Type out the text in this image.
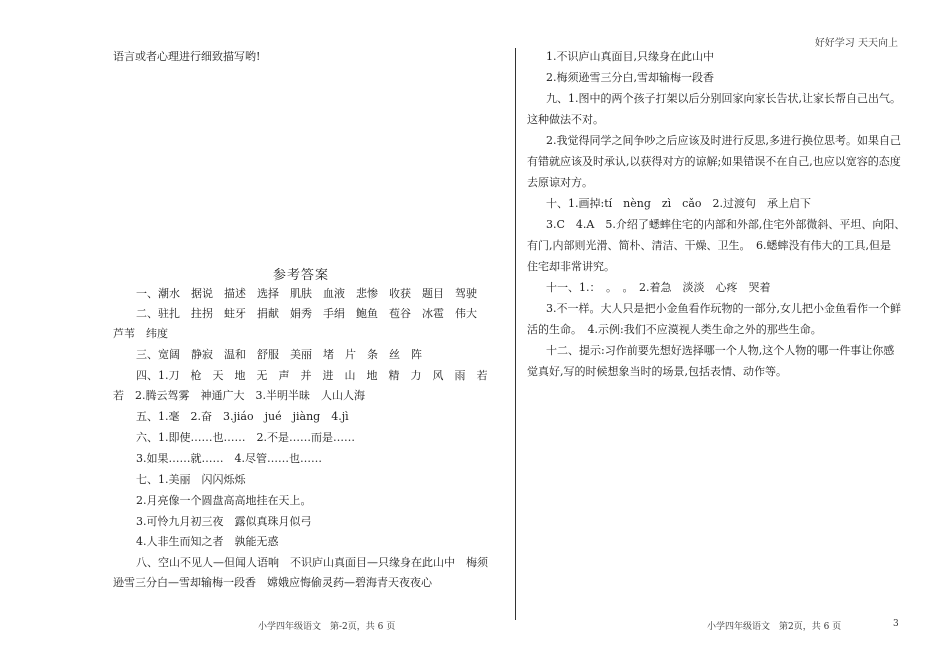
好好学习 天天向上
语言或者心理进行细致描写哟!
参考答案
一、潮水　据说　描述　选择　肌肤　血液　悲惨　收获　题目　驾驶
二、驻扎　拄拐　蛀牙　捐献　娟秀　手绢　鲍鱼　苞谷　冰雹　伟大
芦苇　纬度
三、宽阔　静寂　温和　舒服　美丽　堵　片　条　丝　阵
四、1.刀　枪　天　地　无　声　并　进　山　地　精　力　风　雨　若
若　2.腾云驾雾　神通广大　3.半明半昧　人山人海
五、1.毫　2.奋　3.jiáo　jué　jiàng　4.jì
六、1.即使……也……　2.不是……而是……
3.如果……就……　4.尽管……也……
七、1.美丽　闪闪烁烁
2.月亮像一个圆盘高高地挂在天上。
3.可怜九月初三夜　露似真珠月似弓
4.人非生而知之者　孰能无惑
八、空山不见人—但闻人语响　不识庐山真面目—只缘身在此山中　梅须
逊雪三分白—雪却输梅一段香　嫦娥应悔偷灵药—碧海青天夜夜心
1.不识庐山真面目,只缘身在此山中
2.梅须逊雪三分白,雪却输梅一段香
九、1.图中的两个孩子打架以后分别回家向家长告状,让家长帮自己出气。
这种做法不对。
2.我觉得同学之间争吵之后应该及时进行反思,多进行换位思考。如果自己
有错就应该及时承认,以获得对方的谅解;如果错误不在自己,也应以宽容的态度
去原谅对方。
十、1.画掉:tí　nèng　zì　cǎo　2.过渡句　承上启下
3.C　4.A　5.介绍了蟋蟀住宅的内部和外部,住宅外部微斜、平坦、向阳、
有门,内部则光滑、简朴、清洁、干燥、卫生。　6.蟋蟀没有伟大的工具,但是
住宅却非常讲究。
十一、1.：　。　。　2.着急　淡淡　心疼　哭着
3.不一样。大人只是把小金鱼看作玩物的一部分,女儿把小金鱼看作一个鲜
活的生命。　4.示例:我们不应漠视人类生命之外的那些生命。
十二、提示:习作前要先想好选择哪一个人物,这个人物的哪一件事让你感
觉真好,写的时候想象当时的场景,包括表情、动作等。
小学四年级语文　第-2页，共 6 页	小学四年级语文　第2页，共 6 页	3
